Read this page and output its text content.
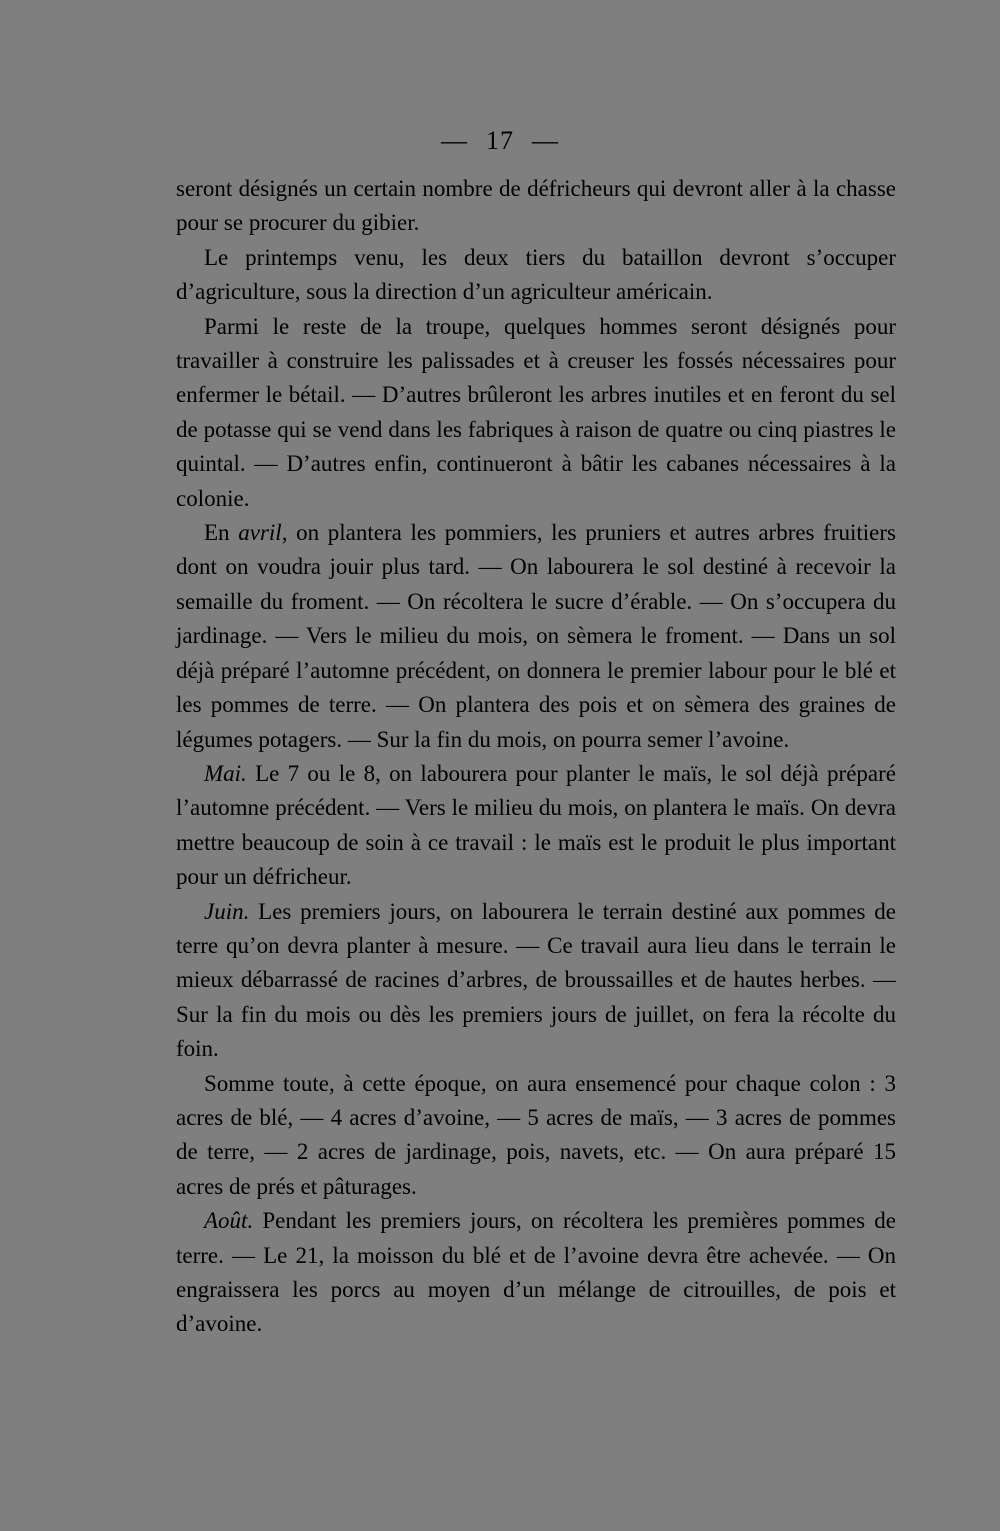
— 17 —

seront désignés un certain nombre de défricheurs qui devront aller à la chasse pour se procurer du gibier.

Le printemps venu, les deux tiers du bataillon devront s’occuper d’agriculture, sous la direction d’un agriculteur américain.

Parmi le reste de la troupe, quelques hommes seront désignés pour travailler à construire les palissades et à creuser les fossés nécessaires pour enfermer le bétail. — D’autres brûleront les arbres inutiles et en feront du sel de potasse qui se vend dans les fabriques à raison de quatre ou cinq piastres le quintal. — D’autres enfin, continueront à bâtir les cabanes nécessaires à la colonie.

En avril, on plantera les pommiers, les pruniers et autres arbres fruitiers dont on voudra jouir plus tard. — On labourera le sol destiné à recevoir la semaille du froment. — On récoltera le sucre d’érable. — On s’occupera du jardinage. — Vers le milieu du mois, on sèmera le froment. — Dans un sol déjà préparé l’automne précédent, on donnera le premier labour pour le blé et les pommes de terre. — On plantera des pois et on sèmera des graines de légumes potagers. — Sur la fin du mois, on pourra semer l’avoine.

Mai. Le 7 ou le 8, on labourera pour planter le maïs, le sol déjà préparé l’automne précédent. — Vers le milieu du mois, on plantera le maïs. On devra mettre beaucoup de soin à ce travail : le maïs est le produit le plus important pour un défricheur.

Juin. Les premiers jours, on labourera le terrain destiné aux pommes de terre qu’on devra planter à mesure. — Ce travail aura lieu dans le terrain le mieux débarrassé de racines d’arbres, de broussailles et de hautes herbes. — Sur la fin du mois ou dès les premiers jours de juillet, on fera la récolte du foin.

Somme toute, à cette époque, on aura ensemencé pour chaque colon : 3 acres de blé, — 4 acres d’avoine, — 5 acres de maïs, — 3 acres de pommes de terre, — 2 acres de jardinage, pois, navets, etc. — On aura préparé 15 acres de prés et pâturages.

Août. Pendant les premiers jours, on récoltera les premières pommes de terre. — Le 21, la moisson du blé et de l’avoine devra être achevée. — On engraissera les porcs au moyen d’un mélange de citrouilles, de pois et d’avoine.
